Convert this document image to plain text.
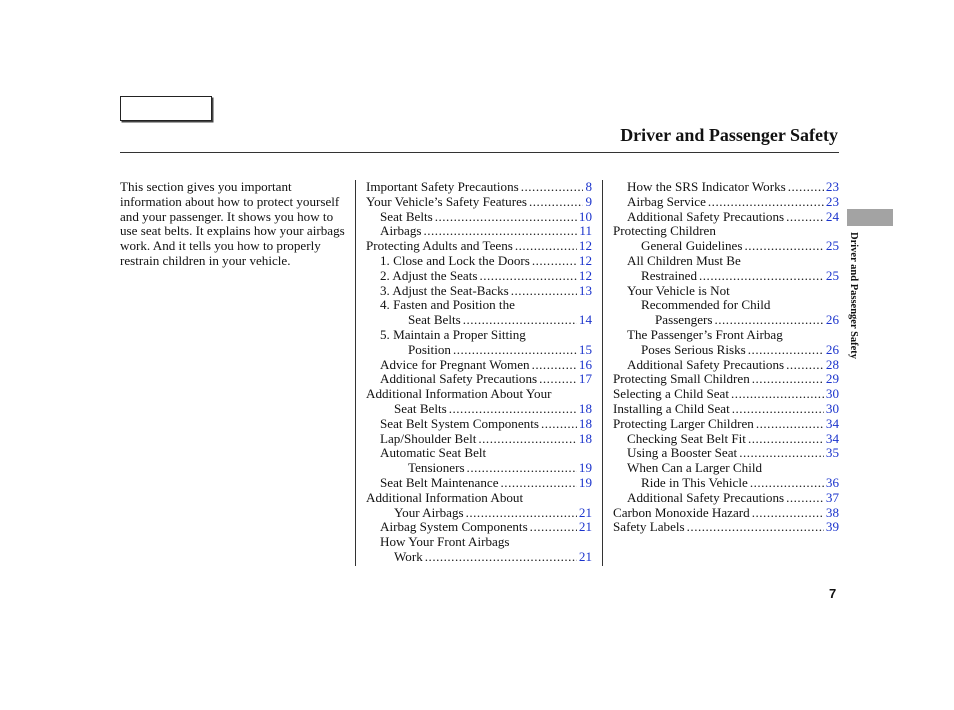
Driver and Passenger Safety

This section gives you important information about how to protect yourself and your passenger. It shows you how to use seat belts. It explains how your airbags work. And it tells you how to properly restrain children in your vehicle.

Important Safety Precautions .....	8
Your Vehicle’s Safety Features .....	9
Seat Belts .....	10
Airbags .....	11
Protecting Adults and Teens .....	12
1. Close and Lock the Doors .....	12
2. Adjust the Seats .....	12
3. Adjust the Seat-Backs .....	13
4. Fasten and Position the
Seat Belts .....	14
5. Maintain a Proper Sitting
Position .....	15
Advice for Pregnant Women .....	16
Additional Safety Precautions .....	17
Additional Information About Your
Seat Belts .....	18
Seat Belt System Components .....	18
Lap/Shoulder Belt .....	18
Automatic Seat Belt
Tensioners .....	19
Seat Belt Maintenance .....	19
Additional Information About
Your Airbags .....	21
Airbag System Components .....	21
How Your Front Airbags
Work .....	21
How the SRS Indicator Works .....	23
Airbag Service .....	23
Additional Safety Precautions .....	24
Protecting Children
General Guidelines .....	25
All Children Must Be
Restrained .....	25
Your Vehicle is Not
Recommended for Child
Passengers .....	26
The Passenger’s Front Airbag
Poses Serious Risks .....	26
Additional Safety Precautions .....	28
Protecting Small Children .....	29
Selecting a Child Seat .....	30
Installing a Child Seat .....	30
Protecting Larger Children .....	34
Checking Seat Belt Fit .....	34
Using a Booster Seat .....	35
When Can a Larger Child
Ride in This Vehicle .....	36
Additional Safety Precautions .....	37
Carbon Monoxide Hazard .....	38
Safety Labels .....	39
Driver and Passenger Safety
7
